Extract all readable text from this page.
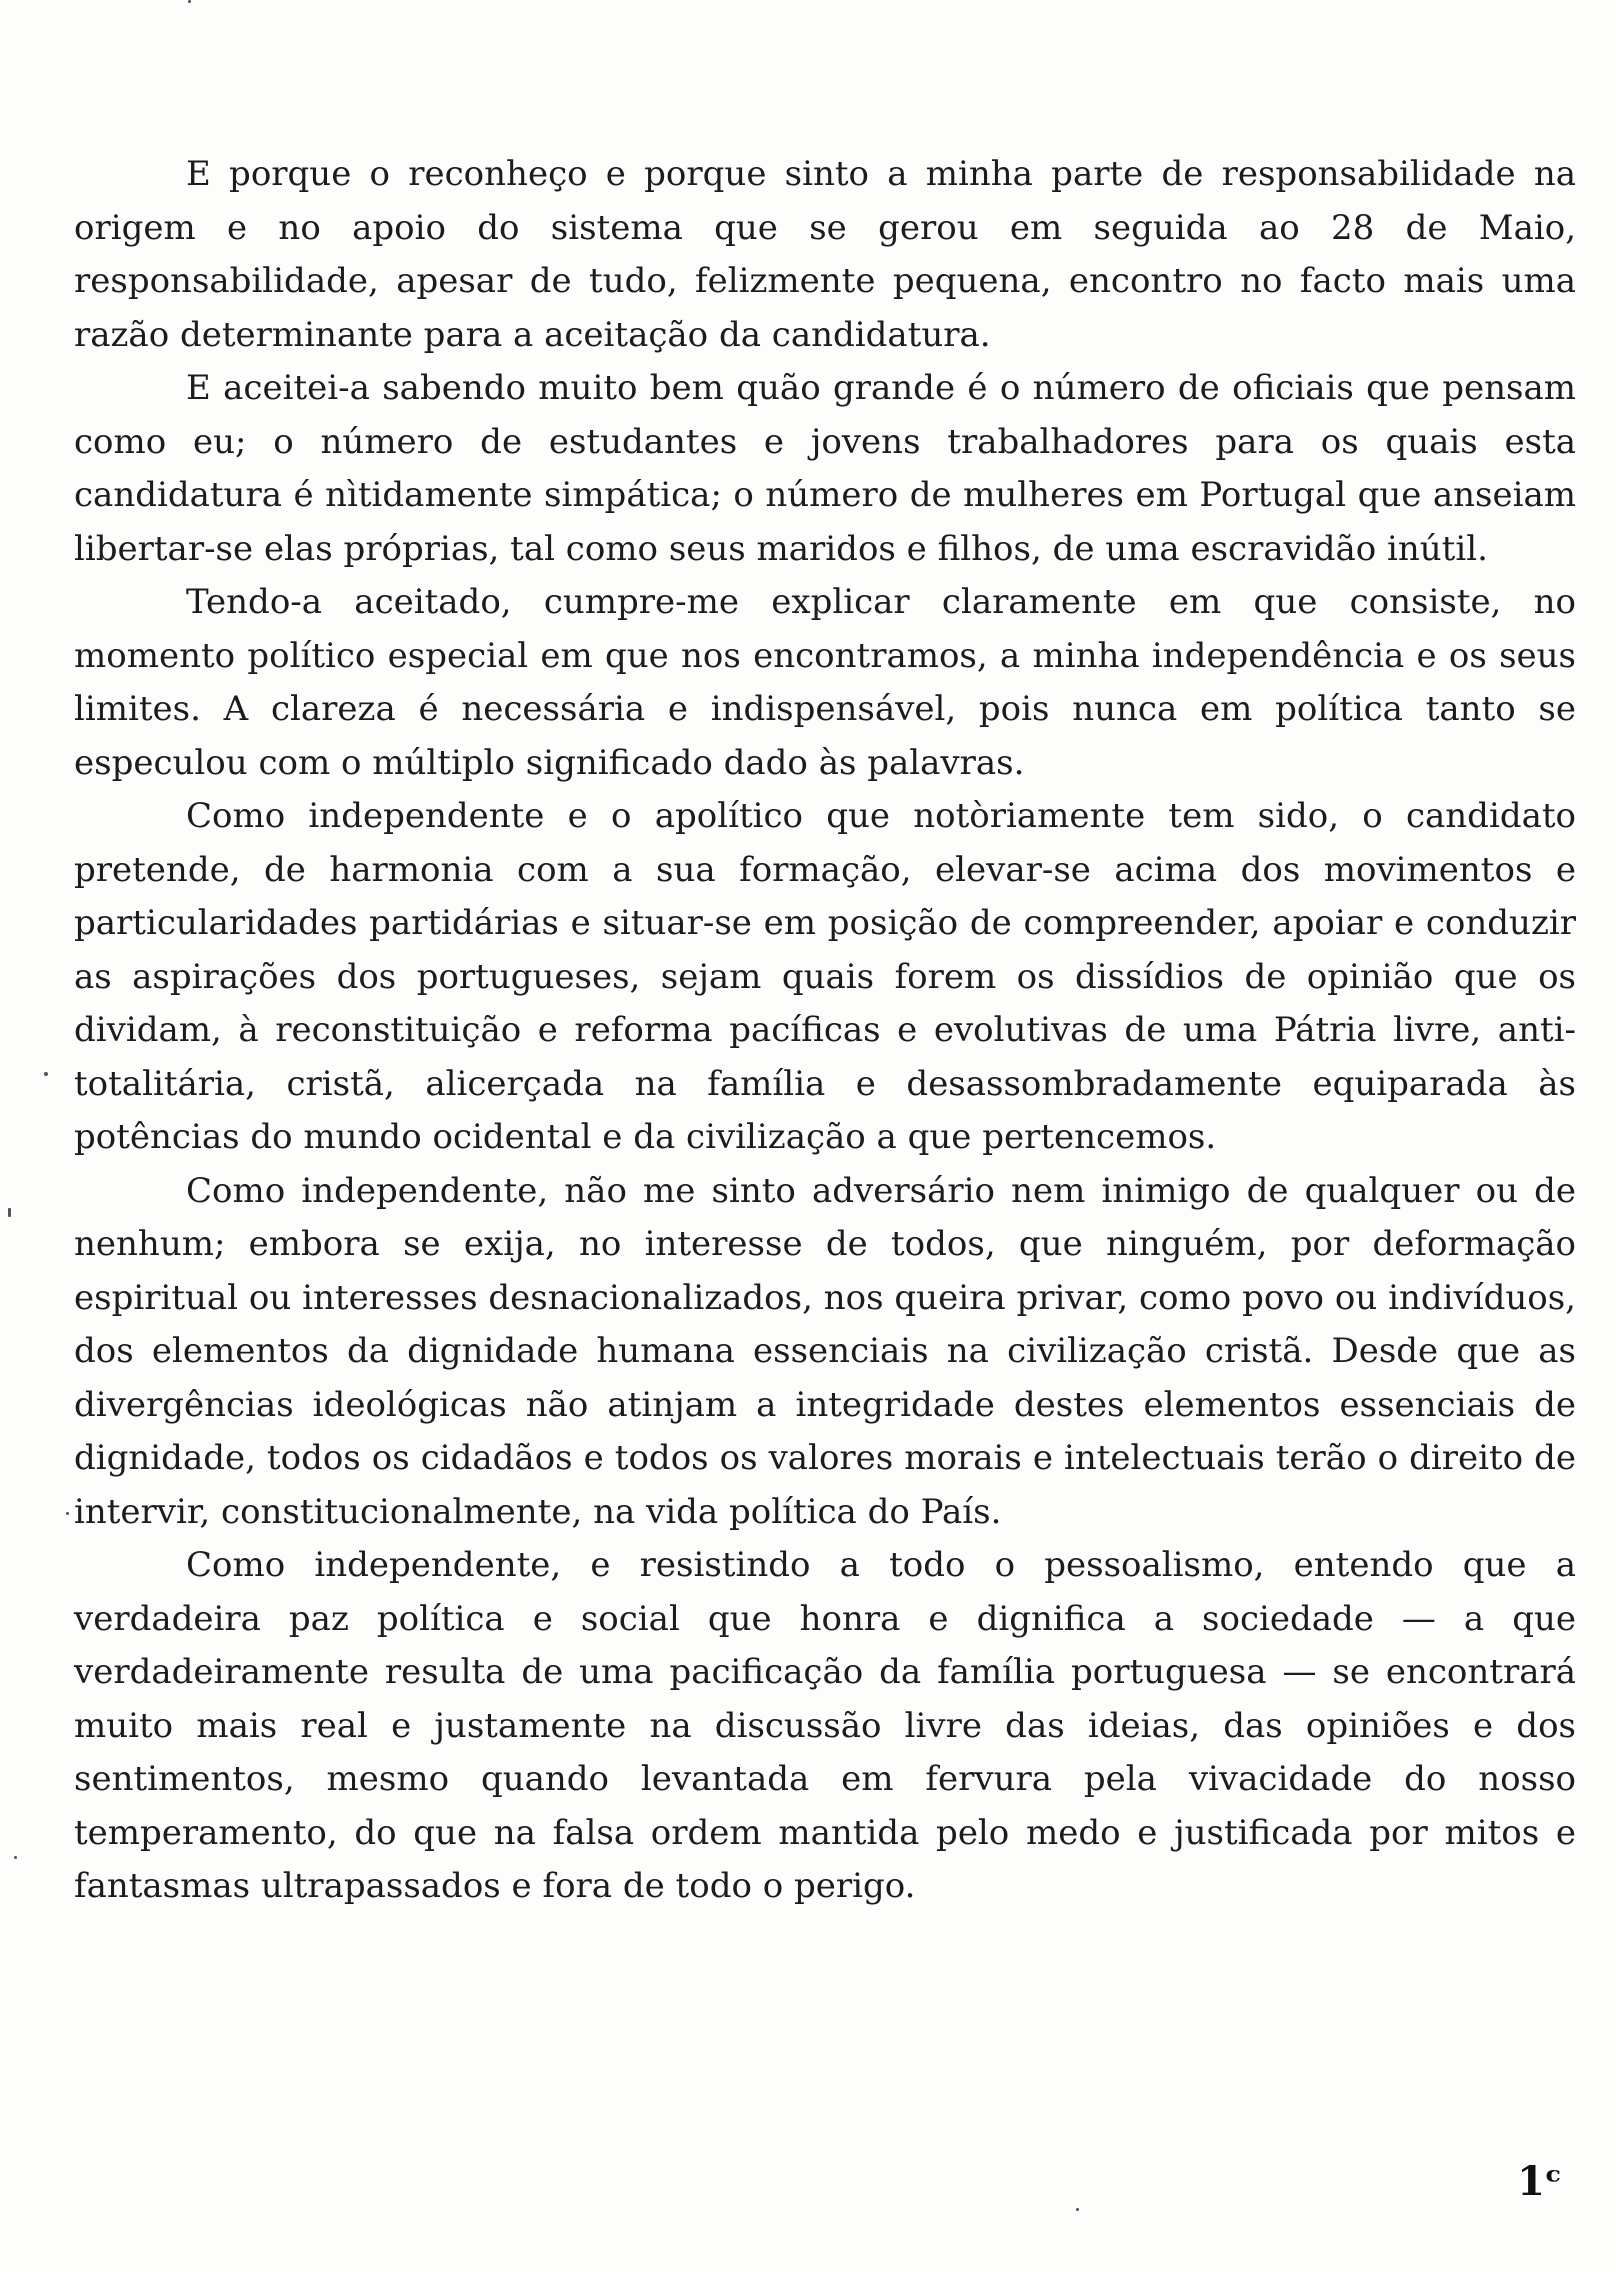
E porque o reconheço e porque sinto a minha parte de responsabilidade na origem e no apoio do sistema que se gerou em seguida ao 28 de Maio, responsabilidade, apesar de tudo, felizmente pequena, encontro no facto mais uma razão determinante para a aceitação da candidatura.

E aceitei-a sabendo muito bem quão grande é o número de oficiais que pensam como eu; o número de estudantes e jovens trabalhadores para os quais esta candidatura é nìtidamente simpática; o número de mulheres em Portugal que anseiam libertar-se elas próprias, tal como seus maridos e filhos, de uma escravidão inútil.

Tendo-a aceitado, cumpre-me explicar claramente em que consiste, no momento político especial em que nos encontramos, a minha independência e os seus limites. A clareza é necessária e indispensável, pois nunca em política tanto se especulou com o múltiplo significado dado às palavras.

Como independente e o apolítico que notòriamente tem sido, o candidato pretende, de harmonia com a sua formação, elevar-se acima dos movimentos e particularidades partidárias e situar-se em posição de compreender, apoiar e conduzir as aspirações dos portugueses, sejam quais forem os dissídios de opinião que os dividam, à reconstituição e reforma pacíficas e evolutivas de uma Pátria livre, anti-totalitária, cristã, alicerçada na família e desassombradamente equiparada às potências do mundo ocidental e da civilização a que pertencemos.

Como independente, não me sinto adversário nem inimigo de qualquer ou de nenhum; embora se exija, no interesse de todos, que ninguém, por deformação espiritual ou interesses desnacionalizados, nos queira privar, como povo ou indivíduos, dos elementos da dignidade humana essenciais na civilização cristã. Desde que as divergências ideológicas não atinjam a integridade destes elementos essenciais de dignidade, todos os cidadãos e todos os valores morais e intelectuais terão o direito de intervir, constitucionalmente, na vida política do País.

Como independente, e resistindo a todo o pessoalismo, entendo que a verdadeira paz política e social que honra e dignifica a sociedade — a que verdadeiramente resulta de uma pacificação da família portuguesa — se encontrará muito mais real e justamente na discussão livre das ideias, das opiniões e dos sentimentos, mesmo quando levantada em fervura pela vivacidade do nosso temperamento, do que na falsa ordem mantida pelo medo e justificada por mitos e fantasmas ultrapassados e fora de todo o perigo.

1ᶜ
